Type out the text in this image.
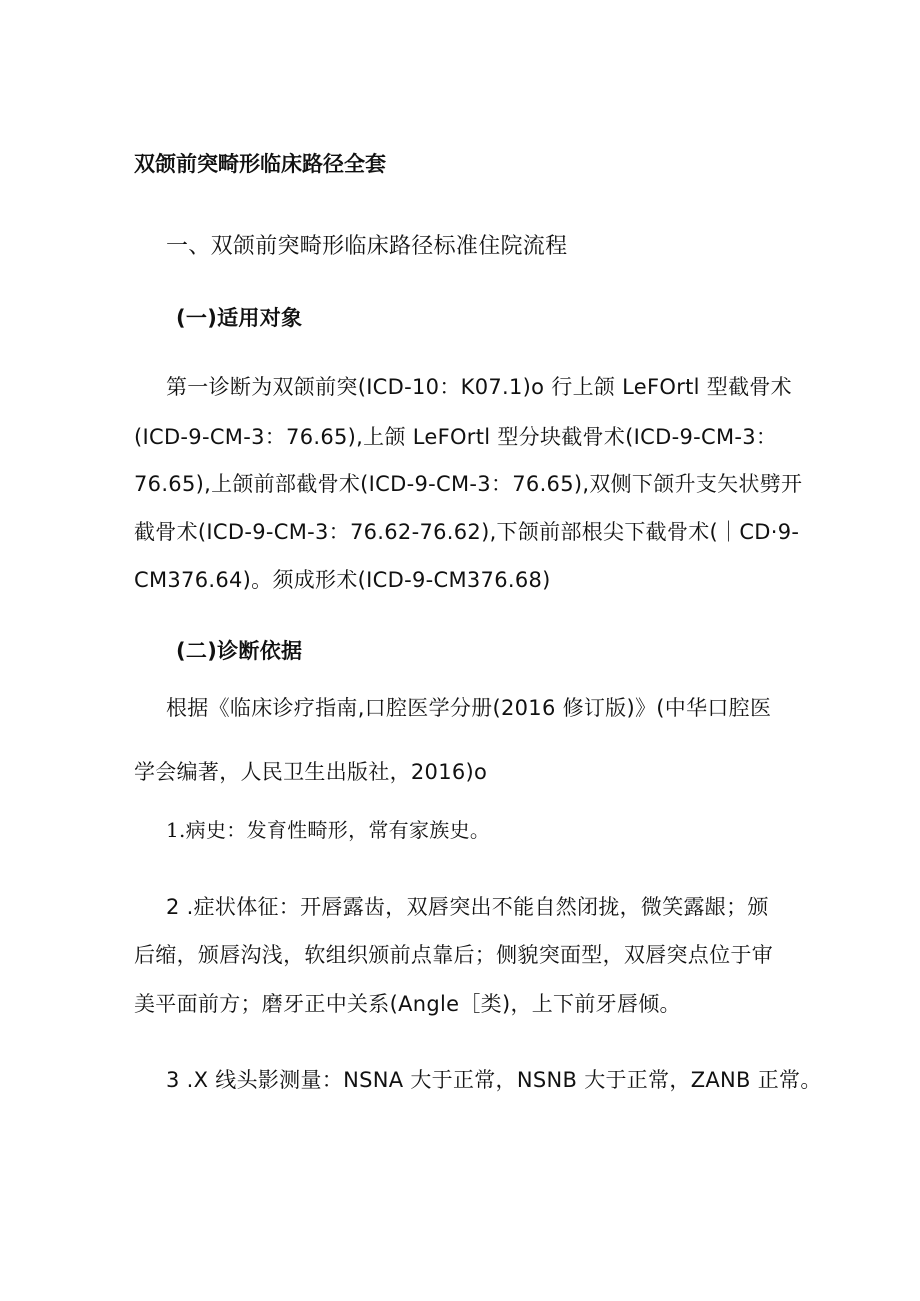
双颌前突畸形临床路径全套
一、双颌前突畸形临床路径标准住院流程
(一)适用对象
第一诊断为双颌前突(ICD-10：K07.1)o 行上颌 LeFOrtl 型截骨术
(ICD-9-CM-3：76.65),上颌 LeFOrtl 型分块截骨术(ICD-9-CM-3：
76.65),上颌前部截骨术(ICD-9-CM-3：76.65),双侧下颌升支矢状劈开
截骨术(ICD-9-CM-3：76.62-76.62),下颌前部根尖下截骨术(｜CD·9-
CM376.64)。须成形术(ICD-9-CM376.68)
(二)诊断依据
根据《临床诊疗指南,口腔医学分册(2016 修订版)》(中华口腔医
学会编著，人民卫生出版社，2016)o
1.病史：发育性畸形，常有家族史。
2 .症状体征：开唇露齿，双唇突出不能自然闭拢，微笑露龈；颁
后缩，颁唇沟浅，软组织颁前点靠后；侧貌突面型，双唇突点位于审
美平面前方；磨牙正中关系(Angle［类)，上下前牙唇倾。
3 .X 线头影测量：NSNA 大于正常，NSNB 大于正常，ZANB 正常。
